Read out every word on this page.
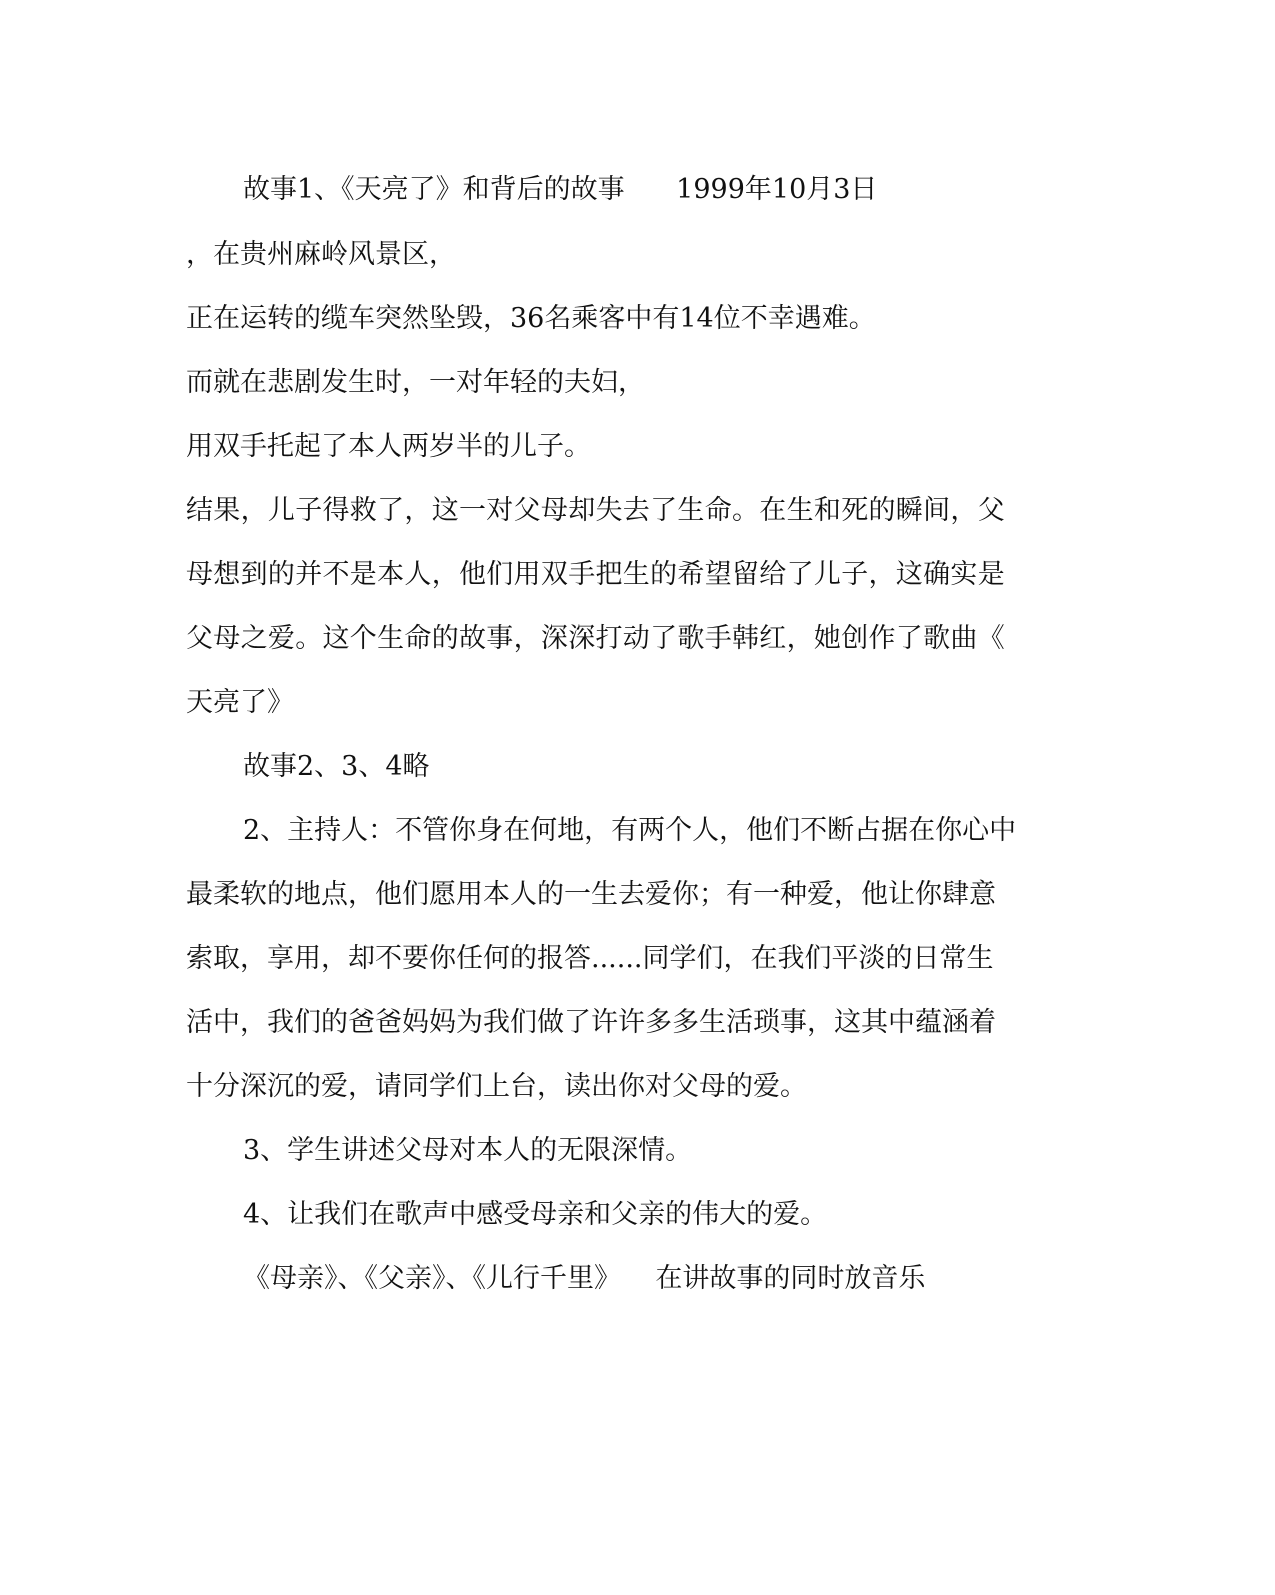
故事1、《天亮了》和背后的故事      1999年10月3日
，在贵州麻岭风景区，
正在运转的缆车突然坠毁，36名乘客中有14位不幸遇难。
而就在悲剧发生时，一对年轻的夫妇，
用双手托起了本人两岁半的儿子。
结果，儿子得救了，这一对父母却失去了生命。在生和死的瞬间，父
母想到的并不是本人，他们用双手把生的希望留给了儿子，这确实是
父母之爱。这个生命的故事，深深打动了歌手韩红，她创作了歌曲《
天亮了》
故事2、3、4略
2、主持人：不管你身在何地，有两个人，他们不断占据在你心中
最柔软的地点，他们愿用本人的一生去爱你；有一种爱，他让你肆意
索取，享用，却不要你任何的报答......同学们，在我们平淡的日常生
活中，我们的爸爸妈妈为我们做了许许多多生活琐事，这其中蕴涵着
十分深沉的爱，请同学们上台，读出你对父母的爱。
3、学生讲述父母对本人的无限深情。
4、让我们在歌声中感受母亲和父亲的伟大的爱。
《母亲》、《父亲》、《儿行千里》    在讲故事的同时放音乐
